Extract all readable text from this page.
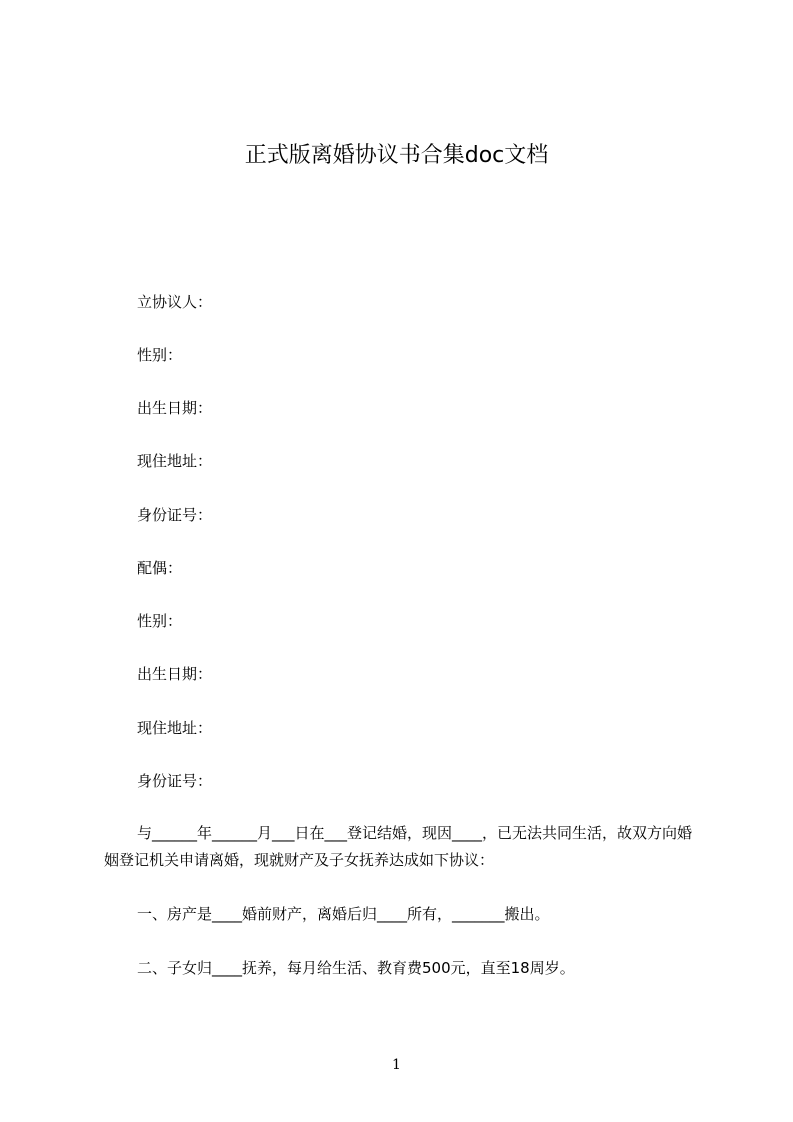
正式版离婚协议书合集doc文档

立协议人：

性别：

出生日期：

现住地址：

身份证号：

配偶：

性别：

出生日期：

现住地址：

身份证号：

与______年______月___日在___登记结婚，现因____，已无法共同生活，故双方向婚姻登记机关申请离婚，现就财产及子女抚养达成如下协议：

一、房产是____婚前财产，离婚后归____所有，_______搬出。

二、子女归____抚养，每月给生活、教育费500元，直至18周岁。

1
